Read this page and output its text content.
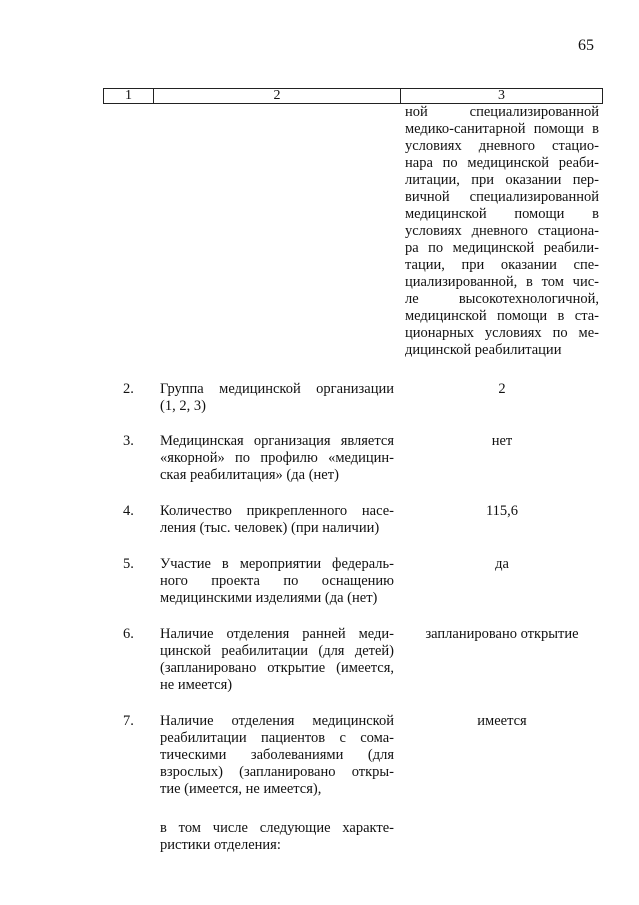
65
1	2	3
ной специализированной
медико-санитарной помощи в
условиях дневного стацио-
нара по медицинской реаби-
литации, при оказании пер-
вичной специализированной
медицинской помощи в
условиях дневного стациона-
ра по медицинской реабили-
тации, при оказании спе-
циализированной, в том чис-
ле высокотехнологичной,
медицинской помощи в ста-
ционарных условиях по ме-
дицинской реабилитации
2. Группа медицинской организации
(1, 2, 3)
2
3. Медицинская организация является
«якорной» по профилю «медицин-
ская реабилитация» (да (нет)
нет
4. Количество прикрепленного насе-
ления (тыс. человек) (при наличии)
115,6
5. Участие в мероприятии федераль-
ного проекта по оснащению
медицинскими изделиями (да (нет)
да
6. Наличие отделения ранней меди-
цинской реабилитации (для детей)
(запланировано открытие (имеется,
не имеется)
запланировано открытие
7. Наличие отделения медицинской
реабилитации пациентов с сома-
тическими заболеваниями (для
взрослых) (запланировано откры-
тие (имеется, не имеется),
имеется
в том числе следующие характе-
ристики отделения:
